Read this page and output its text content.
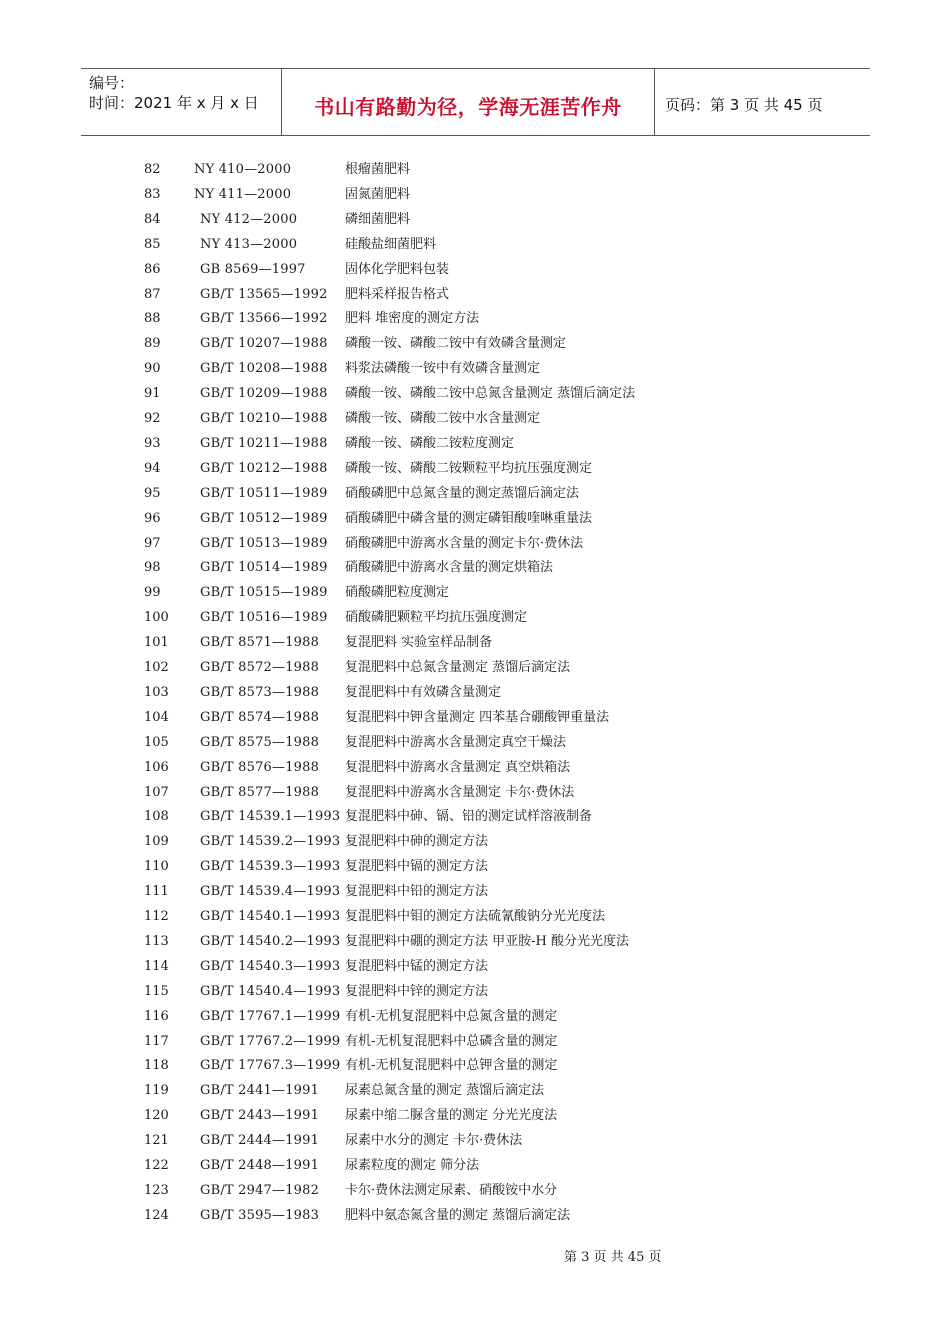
编号：
时间：2021 年 x 月 x 日	书山有路勤为径，学海无涯苦作舟	页码：第 3 页 共 45 页
82	NY 410—2000	根瘤菌肥料
83	NY 411—2000	固氮菌肥料
84	NY 412—2000	磷细菌肥料
85	NY 413—2000	硅酸盐细菌肥料
86	GB 8569—1997	固体化学肥料包装
87	GB/T 13565—1992 肥料采样报告格式
88	GB/T 13566—1992 肥料 堆密度的测定方法
89	GB/T 10207—1988 磷酸一铵、磷酸二铵中有效磷含量测定
90	GB/T 10208—1988 料浆法磷酸一铵中有效磷含量测定
91	GB/T 10209—1988 磷酸一铵、磷酸二铵中总氮含量测定 蒸馏后滴定法
92	GB/T 10210—1988 磷酸一铵、磷酸二铵中水含量测定
93	GB/T 10211—1988 磷酸一铵、磷酸二铵粒度测定
94	GB/T 10212—1988 磷酸一铵、磷酸二铵颗粒平均抗压强度测定
95	GB/T 10511—1989 硝酸磷肥中总氮含量的测定蒸馏后滴定法
96	GB/T 10512—1989 硝酸磷肥中磷含量的测定磷钼酸喹啉重量法
97	GB/T 10513—1989 硝酸磷肥中游离水含量的测定卡尔·费休法
98	GB/T 10514—1989 硝酸磷肥中游离水含量的测定烘箱法
99	GB/T 10515—1989 硝酸磷肥粒度测定
100 GB/T 10516—1989 硝酸磷肥颗粒平均抗压强度测定
101 GB/T 8571—1988 复混肥料 实验室样品制备
102 GB/T 8572—1988 复混肥料中总氮含量测定 蒸馏后滴定法
103 GB/T 8573—1988 复混肥料中有效磷含量测定
104 GB/T 8574—1988 复混肥料中钾含量测定 四苯基合硼酸钾重量法
105 GB/T 8575—1988 复混肥料中游离水含量测定真空干燥法
106 GB/T 8576—1988 复混肥料中游离水含量测定 真空烘箱法
107 GB/T 8577—1988 复混肥料中游离水含量测定 卡尔·费休法
108 GB/T 14539.1—1993 复混肥料中砷、镉、铅的测定试样溶液制备
109 GB/T 14539.2—1993 复混肥料中砷的测定方法
110 GB/T 14539.3—1993 复混肥料中镉的测定方法
111 GB/T 14539.4—1993 复混肥料中铅的测定方法
112 GB/T 14540.1—1993 复混肥料中钼的测定方法硫氰酸钠分光光度法
113 GB/T 14540.2—1993 复混肥料中硼的测定方法 甲亚胺-H 酸分光光度法
114 GB/T 14540.3—1993 复混肥料中锰的测定方法
115 GB/T 14540.4—1993 复混肥料中锌的测定方法
116 GB/T 17767.1—1999 有机-无机复混肥料中总氮含量的测定
117 GB/T 17767.2—1999 有机-无机复混肥料中总磷含量的测定
118 GB/T 17767.3—1999 有机-无机复混肥料中总钾含量的测定
119 GB/T 2441—1991 尿素总氮含量的测定 蒸馏后滴定法
120 GB/T 2443—1991 尿素中缩二脲含量的测定 分光光度法
121 GB/T 2444—1991 尿素中水分的测定 卡尔·费休法
122 GB/T 2448—1991 尿素粒度的测定 筛分法
123 GB/T 2947—1982 卡尔·费休法测定尿素、硝酸铵中水分
124 GB/T 3595—1983 肥料中氨态氮含量的测定 蒸馏后滴定法
第 3 页 共 45 页
